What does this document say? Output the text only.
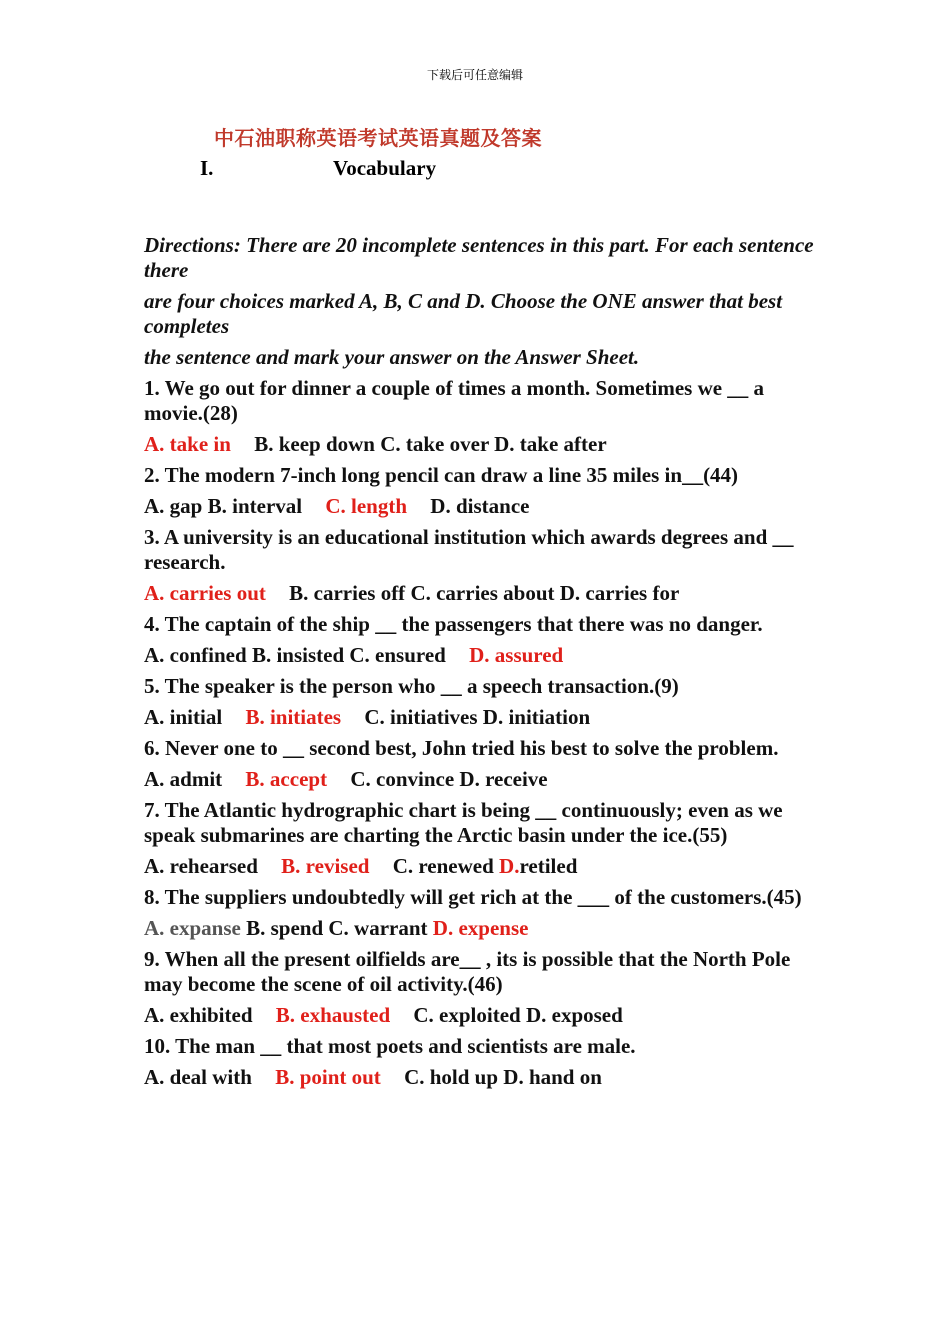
下载后可任意编辑
中石油职称英语考试英语真题及答案
I.	Vocabulary

Directions: There are 20 incomplete sentences in this part. For each sentence there

are four choices marked A, B, C and D. Choose the ONE answer that best completes

the sentence and mark your answer on the Answer Sheet.

1. We go out for dinner a couple of times a month. Sometimes we __ a movie.(28)
A. take in B. keep down C. take over D. take after
2. The modern 7-inch long pencil can draw a line 35 miles in__(44)
A. gap B. interval C. length D. distance
3. A university is an educational institution which awards degrees and __ research.
A. carries out B. carries off C. carries about D. carries for
4. The captain of the ship __ the passengers that there was no danger.
A. confined B. insisted C. ensured D. assured
5. The speaker is the person who __ a speech transaction.(9)
A. initial B. initiates C. initiatives D. initiation
6. Never one to __ second best, John tried his best to solve the problem.
A. admit B. accept C. convince D. receive
7. The Atlantic hydrographic chart is being __ continuously; even as we speak submarines are charting the Arctic basin under the ice.(55)
A. rehearsed B. revised C. renewed D.retiled
8. The suppliers undoubtedly will get rich at the ___ of the customers.(45)
A. expanse B. spend C. warrant D. expense
9. When all the present oilfields are__ , its is possible that the North Pole may become the scene of oil activity.(46)
A. exhibited B. exhausted C. exploited D. exposed
10. The man __ that most poets and scientists are male.
A. deal with B. point out C. hold up D. hand on
